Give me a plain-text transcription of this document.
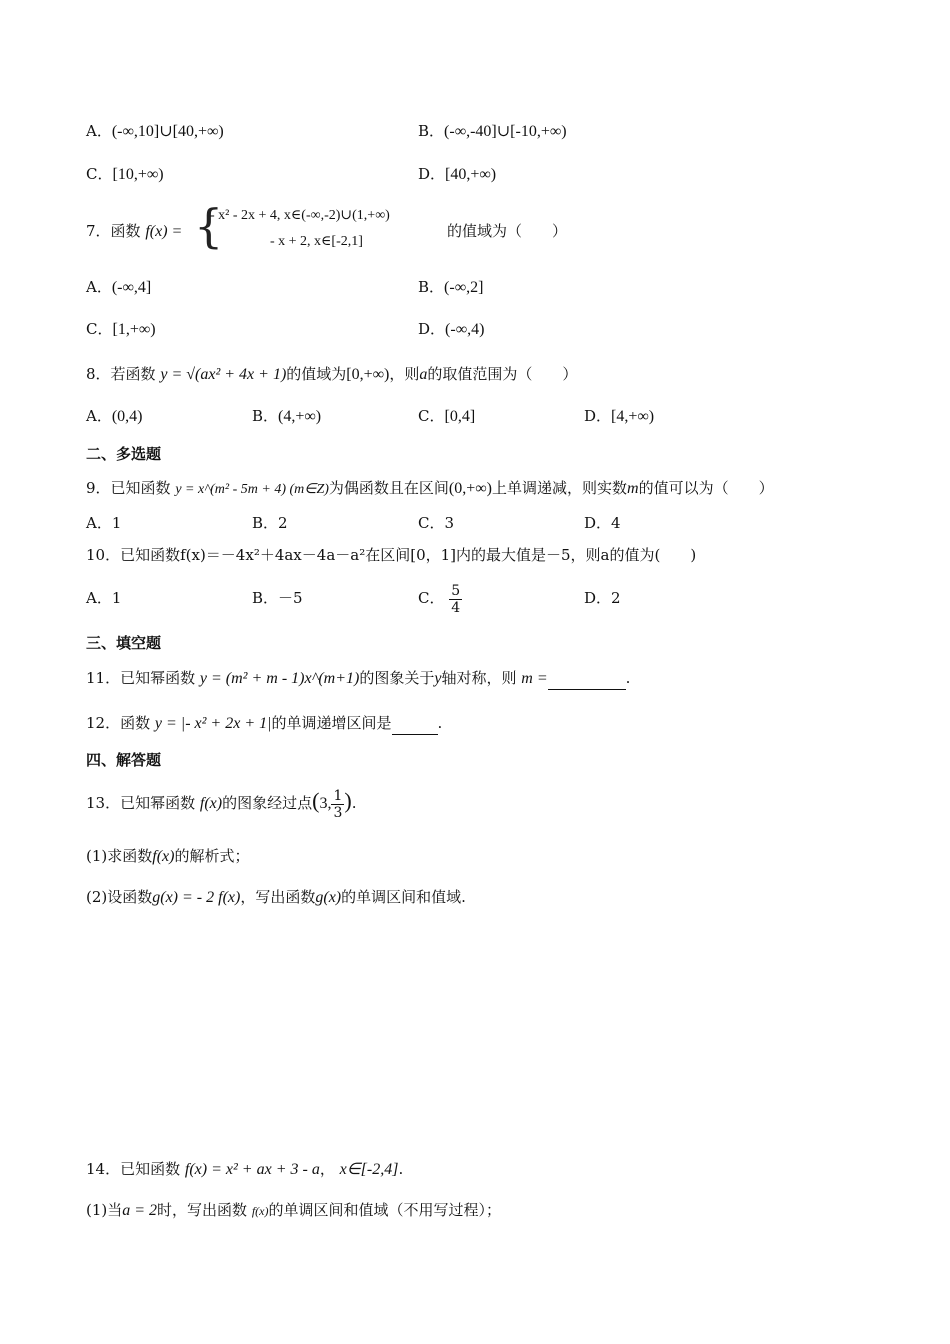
A．(-∞,10]∪[40,+∞)	B．(-∞,-40]∪[-10,+∞)
C．[10,+∞)	D．[40,+∞)
7．函数 f(x) = {
- x² - 2x + 4, x∈(-∞,-2)∪(1,+∞)
- x + 2, x∈[-2,1]
的值域为（　　）
A．(-∞,4]	B．(-∞,2]
C．[1,+∞)	D．(-∞,4)
8．若函数 y = √(ax² + 4x + 1)的值域为[0,+∞)，则a的取值范围为（　　）
A．(0,4)	B．(4,+∞)	C．[0,4]	D．[4,+∞)
二、多选题
9．已知函数 y = x^(m² - 5m + 4) (m∈Z)为偶函数且在区间(0,+∞)上单调递减，则实数m的值可以为（　　）
A．1	B．2	C．3	D．4
10．已知函数f(x)＝－4x²＋4ax－4a－a²在区间[0，1]内的最大值是－5，则a的值为(　　)
A．1	B．－5	C． $\frac{5}{4}$	D．2
三、填空题
11．已知幂函数 y = (m² + m - 1)x^(m+1)的图象关于y轴对称，则 m =	.
12．函数 y = |- x² + 2x + 1|的单调递增区间是	.
四、解答题
13．已知幂函数 f(x)的图象经过点(3, $\frac{1}{3}$ ).
(1)求函数f(x)的解析式；
(2)设函数g(x) = - 2 f(x)，写出函数g(x)的单调区间和值域.
14．已知函数 f(x) = x² + ax + 3 - a， x∈[-2,4].
(1)当a = 2时，写出函数 f(x)的单调区间和值域（不用写过程）；
